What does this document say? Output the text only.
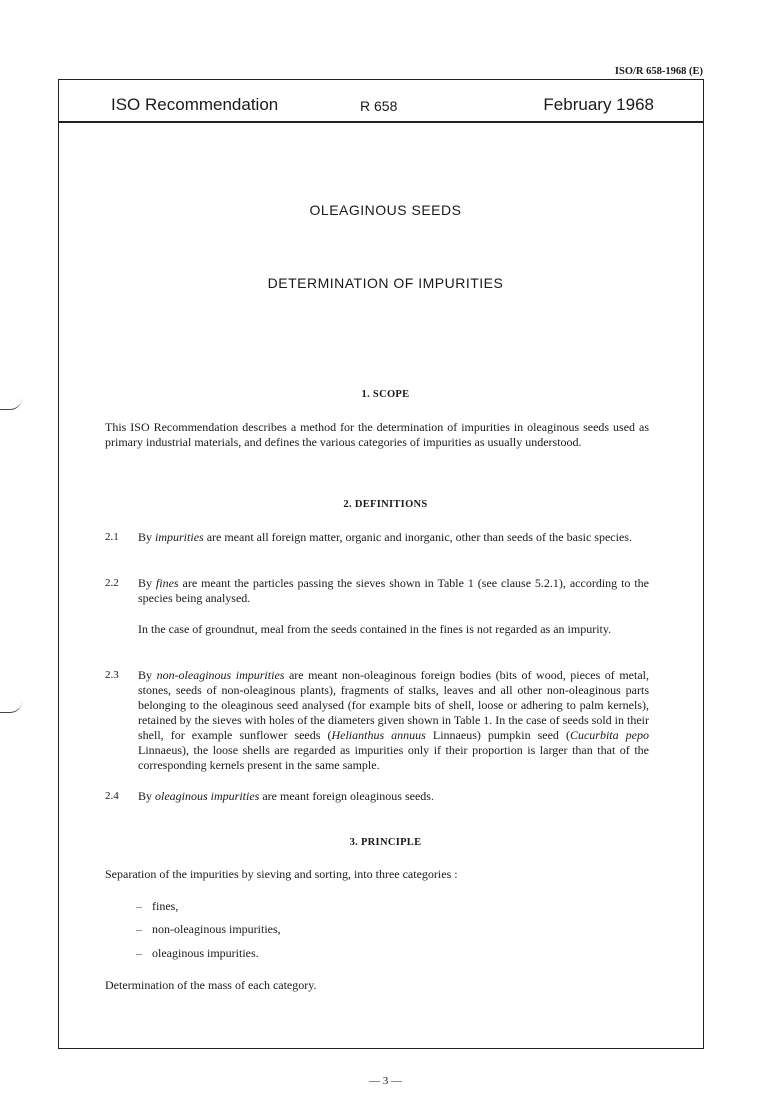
ISO/R 658-1968 (E)
ISO Recommendation	R 658	February 1968
OLEAGINOUS SEEDS
DETERMINATION OF IMPURITIES
1. SCOPE
This ISO Recommendation describes a method for the determination of impurities in oleaginous seeds used as primary industrial materials, and defines the various categories of impurities as usually understood.
2. DEFINITIONS
2.1 By impurities are meant all foreign matter, organic and inorganic, other than seeds of the basic species.
2.2 By fines are meant the particles passing the sieves shown in Table 1 (see clause 5.2.1), according to the species being analysed.
In the case of groundnut, meal from the seeds contained in the fines is not regarded as an impurity.
2.3 By non-oleaginous impurities are meant non-oleaginous foreign bodies (bits of wood, pieces of metal, stones, seeds of non-oleaginous plants), fragments of stalks, leaves and all other non-oleaginous parts belonging to the oleaginous seed analysed (for example bits of shell, loose or adhering to palm kernels), retained by the sieves with holes of the diameters given shown in Table 1. In the case of seeds sold in their shell, for example sunflower seeds (Helianthus annuus Linnaeus) pumpkin seed (Cucurbita pepo Linnaeus), the loose shells are regarded as impurities only if their proportion is larger than that of the corresponding kernels present in the same sample.
2.4 By oleaginous impurities are meant foreign oleaginous seeds.
3. PRINCIPLE
Separation of the impurities by sieving and sorting, into three categories :
– fines,
– non-oleaginous impurities,
– oleaginous impurities.
Determination of the mass of each category.
— 3 —
